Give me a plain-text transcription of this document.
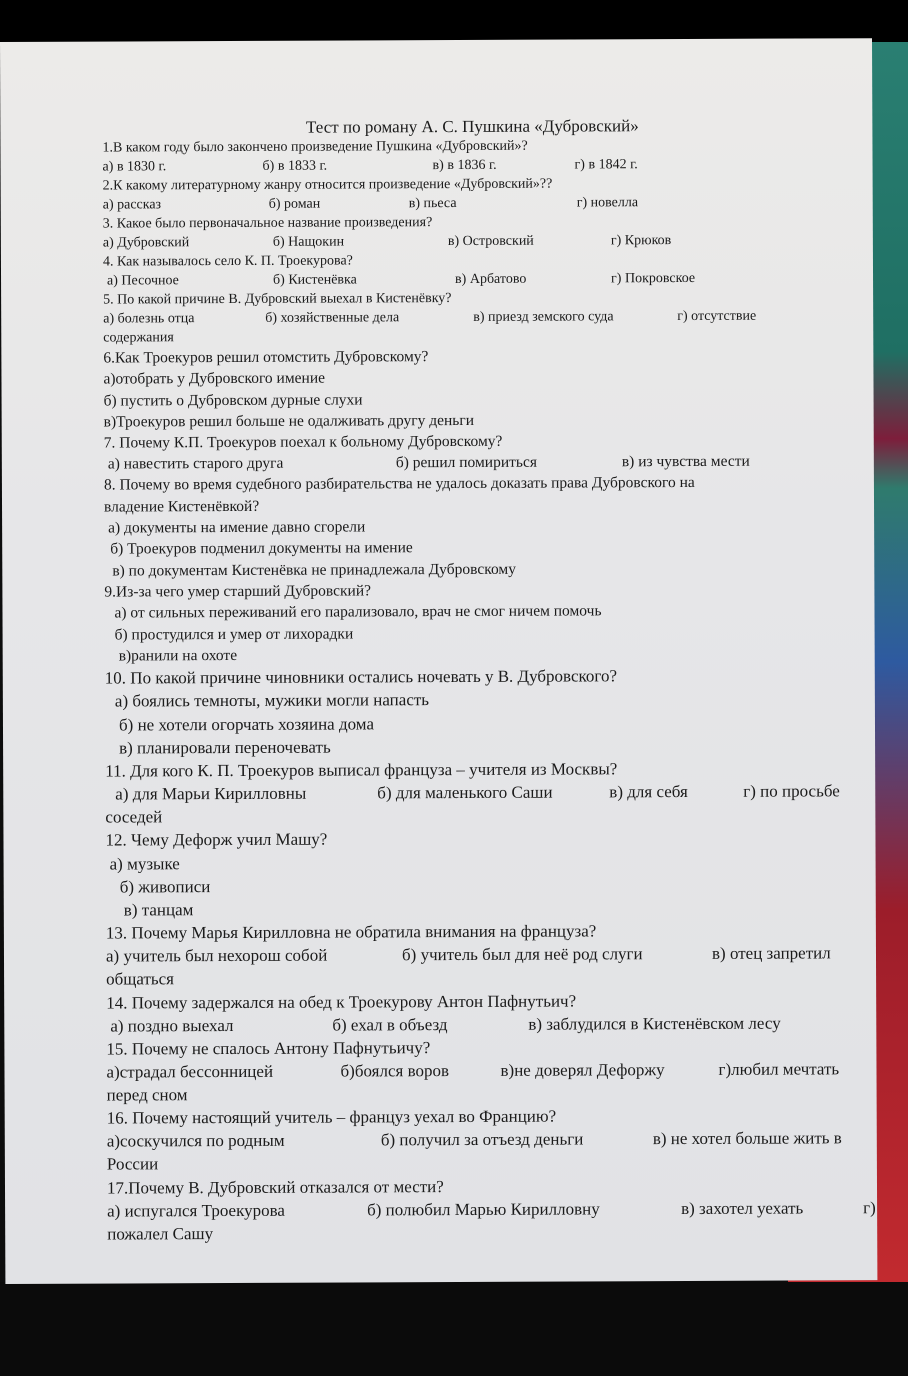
Тест по роману А. С. Пушкина «Дубровский»
1.В каком году было закончено произведение Пушкина «Дубровский»?
а) в 1830 г.	б) в 1833 г.	в) в 1836 г.	г) в 1842 г.
2.К какому литературному жанру относится произведение «Дубровский»??
а) рассказ	б) роман	в) пьеса	г) новелла
3. Какое было первоначальное название произведения?
а) Дубровский	б) Нащокин	в) Островский	г) Крюков
4. Как называлось село К. П. Троекурова?
а) Песочное	б) Кистенёвка	в) Арбатово	г) Покровское
5. По какой причине В. Дубровский выехал в Кистенёвку?
а) болезнь отца	б) хозяйственные дела	в) приезд земского суда	г) отсутствие
содержания
6.Как Троекуров решил отомстить Дубровскому?
а)отобрать у Дубровского имение
б) пустить о Дубровском дурные слухи
в)Троекуров решил больше не одалживать другу деньги
7. Почему К.П. Троекуров поехал к больному Дубровскому?
а) навестить старого друга	б) решил помириться	в) из чувства мести
8. Почему во время судебного разбирательства не удалось доказать права Дубровского на
владение Кистенёвкой?
а) документы на имение давно сгорели
б) Троекуров подменил документы на имение
в) по документам Кистенёвка не принадлежала Дубровскому
9.Из-за чего умер старший Дубровский?
а) от сильных переживаний его парализовало, врач не смог ничем помочь
б) простудился и умер от лихорадки
в)ранили на охоте
10. По какой причине чиновники остались ночевать у В. Дубровского?
а) боялись темноты, мужики могли напасть
б) не хотели огорчать хозяина дома
в) планировали переночевать
11. Для кого К. П. Троекуров выписал француза – учителя из Москвы?
а) для Марьи Кирилловны	б) для маленького Саши	в) для себя	г) по просьбе
соседей
12. Чему Дефорж учил Машу?
а) музыке
б) живописи
в) танцам
13. Почему Марья Кирилловна не обратила внимания на француза?
а) учитель был нехорош собой	б) учитель был для неё род слуги	в) отец запретил
общаться
14. Почему задержался на обед к Троекурову Антон Пафнутьич?
а) поздно выехал	б) ехал в объезд	в) заблудился в Кистенёвском лесу
15. Почему не спалось Антону Пафнутьичу?
а)страдал бессонницей	б)боялся воров	в)не доверял Дефоржу	г)любил мечтать
перед сном
16. Почему настоящий учитель – француз уехал во Францию?
а)соскучился по родным	б) получил за отъезд деньги	в) не хотел больше жить в
России
17.Почему В. Дубровский отказался от мести?
а) испугался Троекурова	б) полюбил Марью Кирилловну	в) захотел уехать	г)
пожалел Сашу
